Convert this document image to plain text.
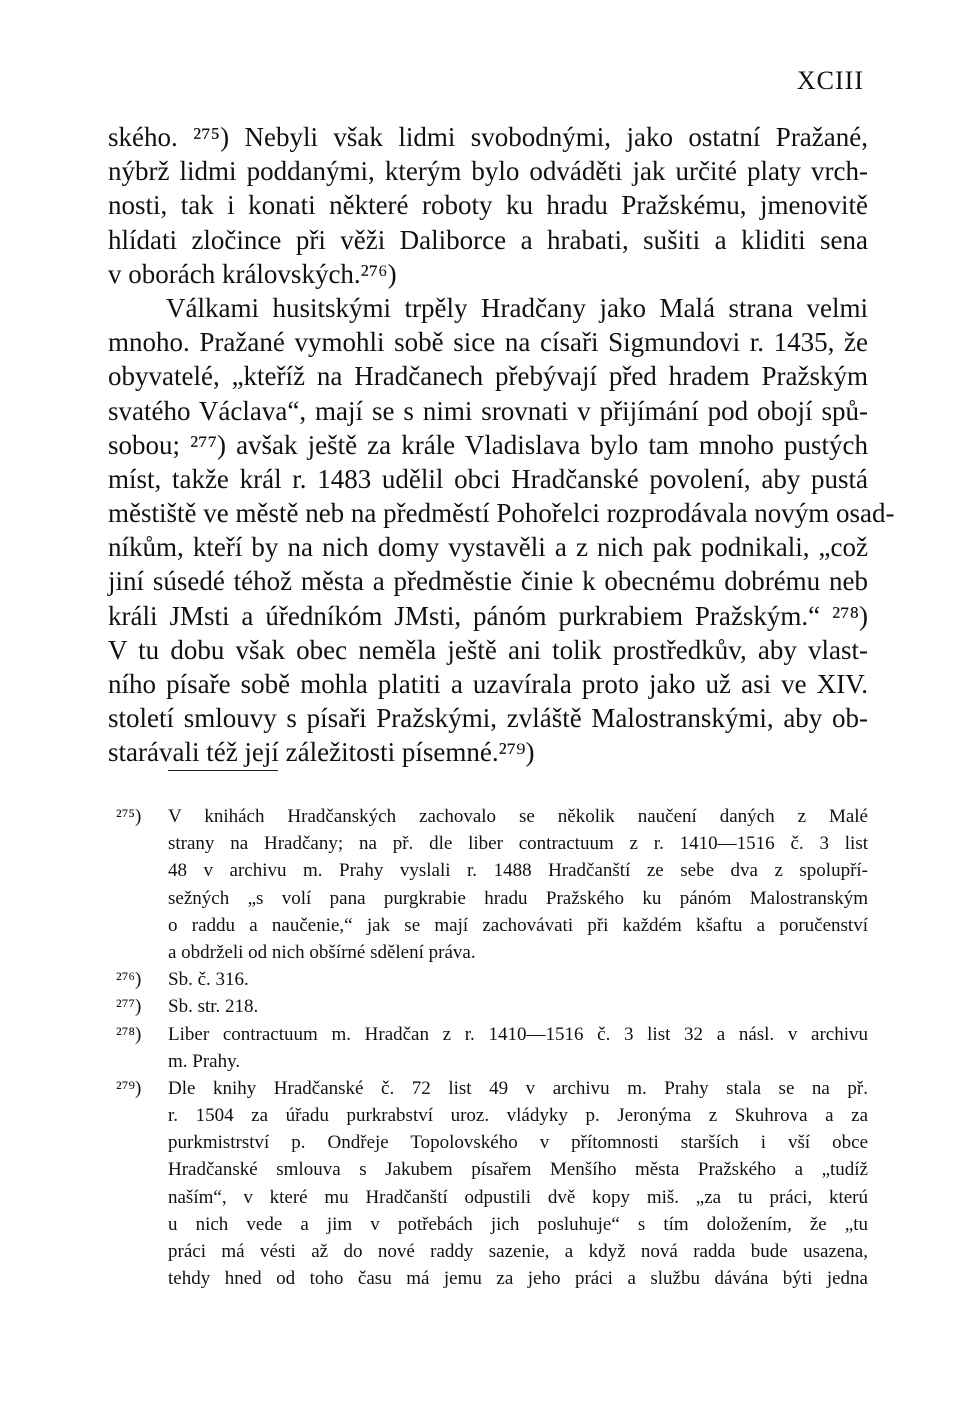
XCIII
ského. ²⁷⁵) Nebyli však lidmi svobodnými, jako ostatní Pražané,
nýbrž lidmi poddanými, kterým bylo odváděti jak určité platy vrch-
nosti, tak i konati některé roboty ku hradu Pražskému, jmenovitě
hlídati zločince při věži Daliborce a hrabati, sušiti a kliditi sena
v oborách královských.²⁷⁶)
Válkami husitskými trpěly Hradčany jako Malá strana velmi
mnoho. Pražané vymohli sobě sice na císaři Sigmundovi r. 1435, že
obyvatelé, „kteříž na Hradčanech přebývají před hradem Pražským
svatého Václava“, mají se s nimi srovnati v přijímání pod obojí spů-
sobou; ²⁷⁷) avšak ještě za krále Vladislava bylo tam mnoho pustých
míst, takže král r. 1483 udělil obci Hradčanské povolení, aby pustá
městiště ve městě neb na předměstí Pohořelci rozprodávala novým osad-
níkům, kteří by na nich domy vystavěli a z nich pak podnikali, „což
jiní súsedé téhož města a předměstie činie k obecnému dobrému neb
králi JMsti a úředníkóm JMsti, pánóm purkrabiem Pražským.“ ²⁷⁸)
V tu dobu však obec neměla ještě ani tolik prostředkův, aby vlast-
ního písaře sobě mohla platiti a uzavírala proto jako už asi ve XIV.
století smlouvy s písaři Pražskými, zvláště Malostranskými, aby ob-
starávali též její záležitosti písemné.²⁷⁹)
²⁷⁵) V knihách Hradčanských zachovalo se několik naučení daných z Malé
strany na Hradčany; na př. dle liber contractuum z r. 1410—1516 č. 3 list
48 v archivu m. Prahy vyslali r. 1488 Hradčanští ze sebe dva z spolupří-
sežných „s volí pana purgkrabie hradu Pražského ku pánóm Malostranským
o raddu a naučenie,“ jak se mají zachovávati při každém kšaftu a poručenství
a obdrželi od nich obšírné sdělení práva.
²⁷⁶) Sb. č. 316.
²⁷⁷) Sb. str. 218.
²⁷⁸) Liber contractuum m. Hradčan z r. 1410—1516 č. 3 list 32 a násl. v archivu
m. Prahy.
²⁷⁹) Dle knihy Hradčanské č. 72 list 49 v archivu m. Prahy stala se na př.
r. 1504 za úřadu purkrabství uroz. vládyky p. Jeronýma z Skuhrova a za
purkmistrství p. Ondřeje Topolovského v přítomnosti starších i vší obce
Hradčanské smlouva s Jakubem písařem Menšího města Pražského a „tudíž
naším“, v které mu Hradčanští odpustili dvě kopy miš. „za tu práci, kterú
u nich vede a jim v potřebách jich posluhuje“ s tím doložením, že „tu
práci má vésti až do nové raddy sazenie, a když nová radda bude usazena,
tehdy hned od toho času má jemu za jeho práci a službu dávána býti jedna
